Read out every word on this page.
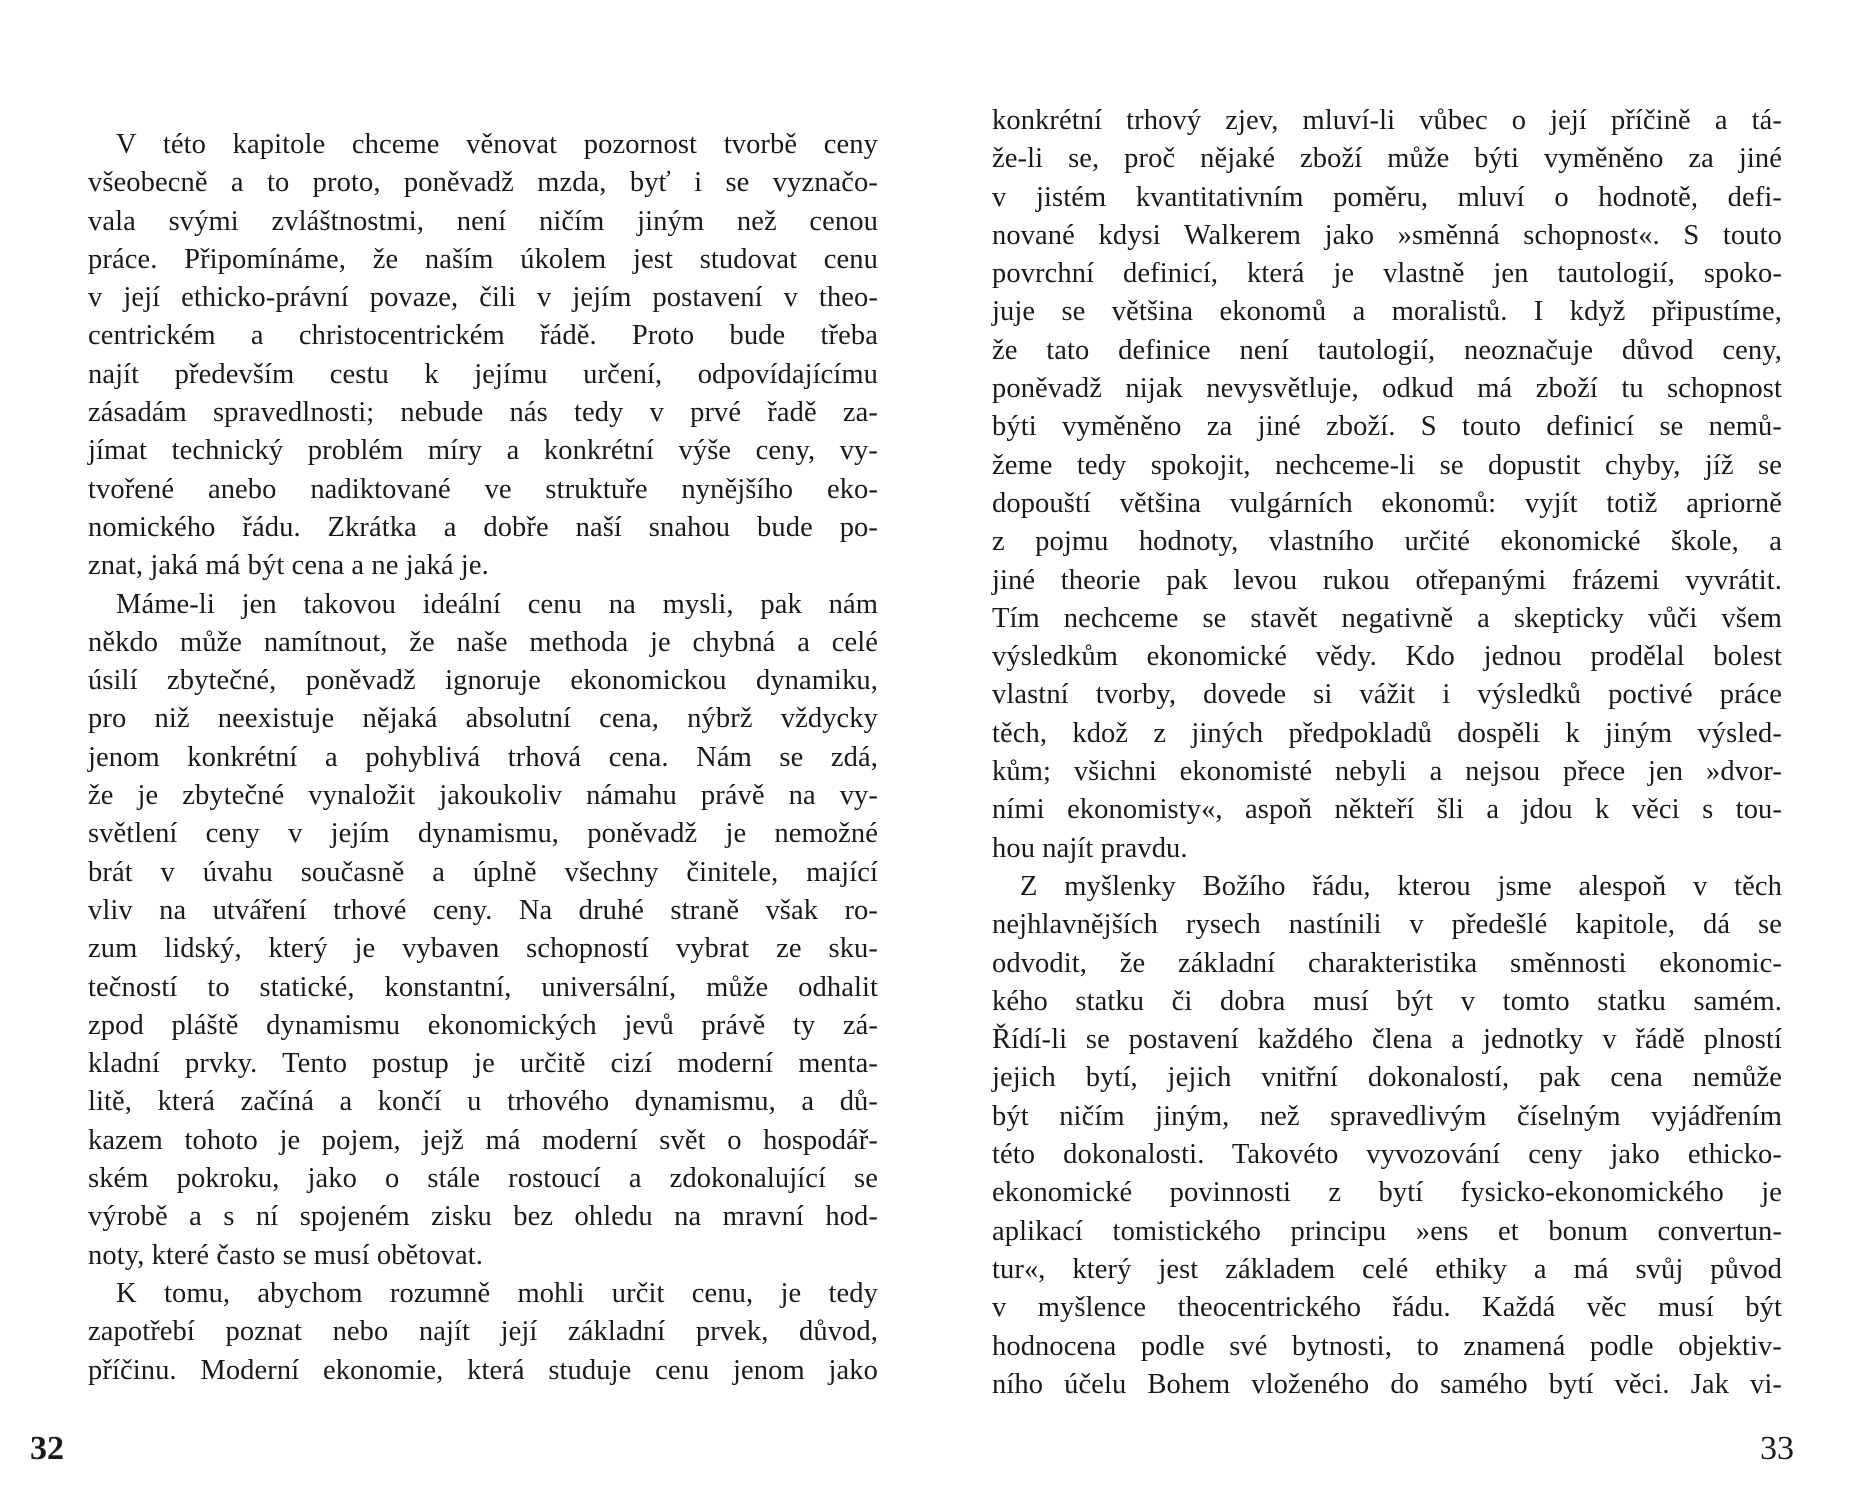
V této kapitole chceme věnovat pozornost tvorbě ceny
všeobecně a to proto, poněvadž mzda, byť i se vyznačo-
vala svými zvláštnostmi, není ničím jiným než cenou
práce. Připomínáme, že naším úkolem jest studovat cenu
v její ethicko-právní povaze, čili v jejím postavení v theo-
centrickém a christocentrickém řádě. Proto bude třeba
najít především cestu k jejímu určení, odpovídajícímu
zásadám spravedlnosti; nebude nás tedy v prvé řadě za-
jímat technický problém míry a konkrétní výše ceny, vy-
tvořené anebo nadiktované ve struktuře nynějšího eko-
nomického řádu. Zkrátka a dobře naší snahou bude po-
znat, jaká má být cena a ne jaká je.
Máme-li jen takovou ideální cenu na mysli, pak nám
někdo může namítnout, že naše methoda je chybná a celé
úsilí zbytečné, poněvadž ignoruje ekonomickou dynamiku,
pro niž neexistuje nějaká absolutní cena, nýbrž vždycky
jenom konkrétní a pohyblivá trhová cena. Nám se zdá,
že je zbytečné vynaložit jakoukoliv námahu právě na vy-
světlení ceny v jejím dynamismu, poněvadž je nemožné
brát v úvahu současně a úplně všechny činitele, mající
vliv na utváření trhové ceny. Na druhé straně však ro-
zum lidský, který je vybaven schopností vybrat ze sku-
tečností to statické, konstantní, universální, může odhalit
zpod pláště dynamismu ekonomických jevů právě ty zá-
kladní prvky. Tento postup je určitě cizí moderní menta-
litě, která začíná a končí u trhového dynamismu, a dů-
kazem tohoto je pojem, jejž má moderní svět o hospodář-
ském pokroku, jako o stále rostoucí a zdokonalující se
výrobě a s ní spojeném zisku bez ohledu na mravní hod-
noty, které často se musí obětovat.
K tomu, abychom rozumně mohli určit cenu, je tedy
zapotřebí poznat nebo najít její základní prvek, důvod,
příčinu. Moderní ekonomie, která studuje cenu jenom jako
32
konkrétní trhový zjev, mluví-li vůbec o její příčině a tá-
že-li se, proč nějaké zboží může býti vyměněno za jiné
v jistém kvantitativním poměru, mluví o hodnotě, defi-
nované kdysi Walkerem jako »směnná schopnost«. S touto
povrchní definicí, která je vlastně jen tautologií, spoko-
juje se většina ekonomů a moralistů. I když připustíme,
že tato definice není tautologií, neoznačuje důvod ceny,
poněvadž nijak nevysvětluje, odkud má zboží tu schopnost
býti vyměněno za jiné zboží. S touto definicí se nemů-
žeme tedy spokojit, nechceme-li se dopustit chyby, jíž se
dopouští většina vulgárních ekonomů: vyjít totiž apriorně
z pojmu hodnoty, vlastního určité ekonomické škole, a
jiné theorie pak levou rukou otřepanými frázemi vyvrátit.
Tím nechceme se stavět negativně a skepticky vůči všem
výsledkům ekonomické vědy. Kdo jednou prodělal bolest
vlastní tvorby, dovede si vážit i výsledků poctivé práce
těch, kdož z jiných předpokladů dospěli k jiným výsled-
kům; všichni ekonomisté nebyli a nejsou přece jen »dvor-
ními ekonomisty«, aspoň někteří šli a jdou k věci s tou-
hou najít pravdu.
Z myšlenky Božího řádu, kterou jsme alespoň v těch
nejhlavnějších rysech nastínili v předešlé kapitole, dá se
odvodit, že základní charakteristika směnnosti ekonomic-
kého statku či dobra musí být v tomto statku samém.
Řídí-li se postavení každého člena a jednotky v řádě plností
jejich bytí, jejich vnitřní dokonalostí, pak cena nemůže
být ničím jiným, než spravedlivým číselným vyjádřením
této dokonalosti. Takovéto vyvozování ceny jako ethicko-
ekonomické povinnosti z bytí fysicko-ekonomického je
aplikací tomistického principu »ens et bonum convertun-
tur«, který jest základem celé ethiky a má svůj původ
v myšlence theocentrického řádu. Každá věc musí být
hodnocena podle své bytnosti, to znamená podle objektiv-
ního účelu Bohem vloženého do samého bytí věci. Jak vi-
33
